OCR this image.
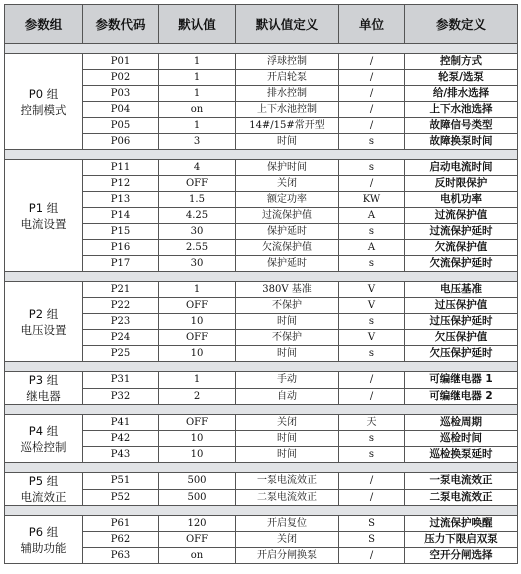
参数组	参数代码	默认值	默认值定义	单位	参数定义

P0 组
控制模式	P01	1	浮球控制	/	控制方式
	P02	1	开启轮泵	/	轮泵/选泵
	P03	1	排水控制	/	给/排水选择
	P04	on	上下水池控制	/	上下水池选择
	P05	1	14#/15#常开型	/	故障信号类型
	P06	3	时间	s	故障换泵时间

P1 组
电流设置	P11	4	保护时间	s	启动电流时间
	P12	OFF	关闭	/	反时限保护
	P13	1.5	额定功率	KW	电机功率
	P14	4.25	过流保护值	A	过流保护值
	P15	30	保护延时	s	过流保护延时
	P16	2.55	欠流保护值	A	欠流保护值
	P17	30	保护延时	s	欠流保护延时

P2 组
电压设置	P21	1	380V 基准	V	电压基准
	P22	OFF	不保护	V	过压保护值
	P23	10	时间	s	过压保护延时
	P24	OFF	不保护	V	欠压保护值
	P25	10	时间	s	欠压保护延时

P3 组
继电器	P31	1	手动	/	可编继电器 1
	P32	2	自动	/	可编继电器 2

P4 组
巡检控制	P41	OFF	关闭	天	巡检周期
	P42	10	时间	s	巡检时间
	P43	10	时间	s	巡检换泵延时

P5 组
电流效正	P51	500	一泵电流效正	/	一泵电流效正
	P52	500	二泵电流效正	/	二泵电流效正

P6 组
辅助功能	P61	120	开启复位	S	过流保护唤醒
	P62	OFF	关闭	S	压力下限启双泵
	P63	on	开启分闸换泵	/	空开分闸选择
